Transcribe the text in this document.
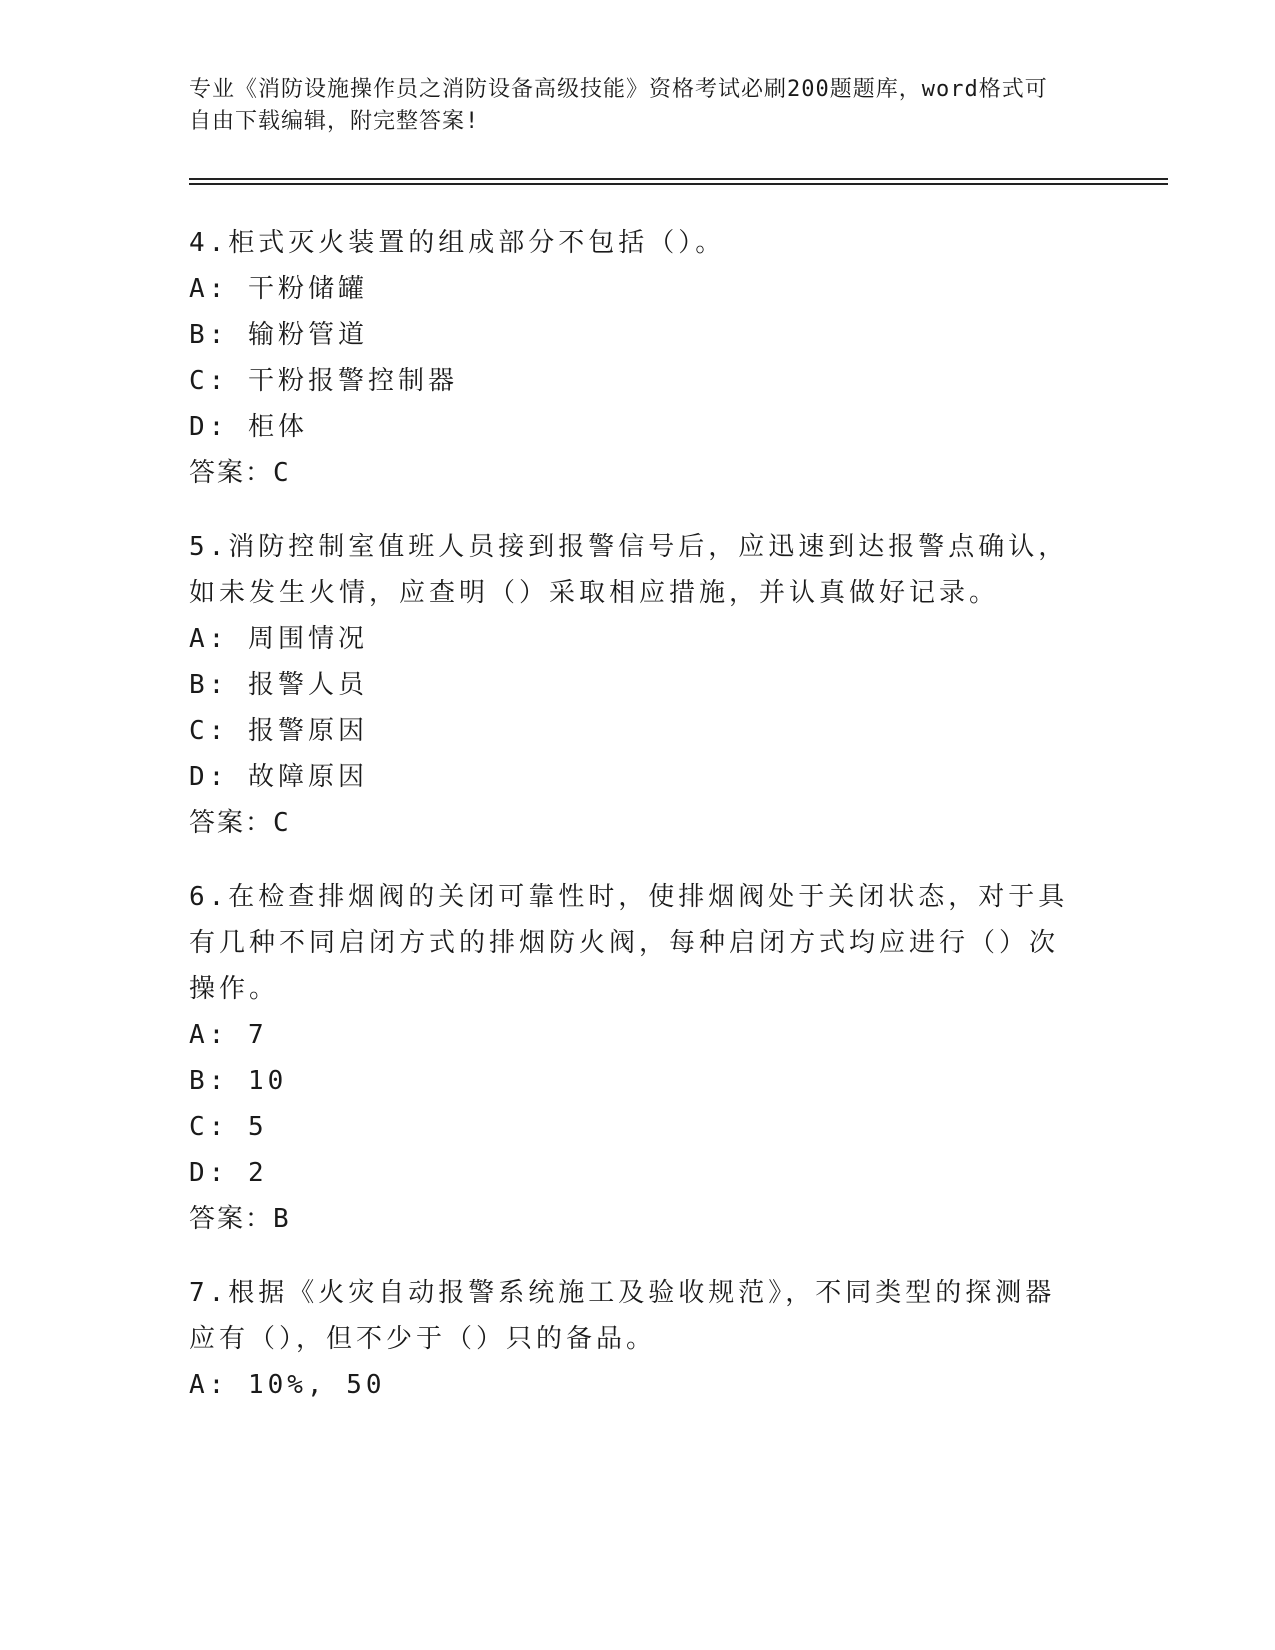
专业《消防设施操作员之消防设备高级技能》资格考试必刷200题题库，word格式可自由下载编辑，附完整答案!

4.柜式灭火装置的组成部分不包括（）。

A: 干粉储罐

B: 输粉管道

C: 干粉报警控制器

D: 柜体

答案：C

5.消防控制室值班人员接到报警信号后，应迅速到达报警点确认，如未发生火情，应查明（）采取相应措施，并认真做好记录。

A: 周围情况

B: 报警人员

C: 报警原因

D: 故障原因

答案：C

6.在检查排烟阀的关闭可靠性时，使排烟阀处于关闭状态，对于具有几种不同启闭方式的排烟防火阀，每种启闭方式均应进行（）次操作。

A: 7

B: 10

C: 5

D: 2

答案：B

7.根据《火灾自动报警系统施工及验收规范》，不同类型的探测器应有（），但不少于（）只的备品。

A: 10%, 50
